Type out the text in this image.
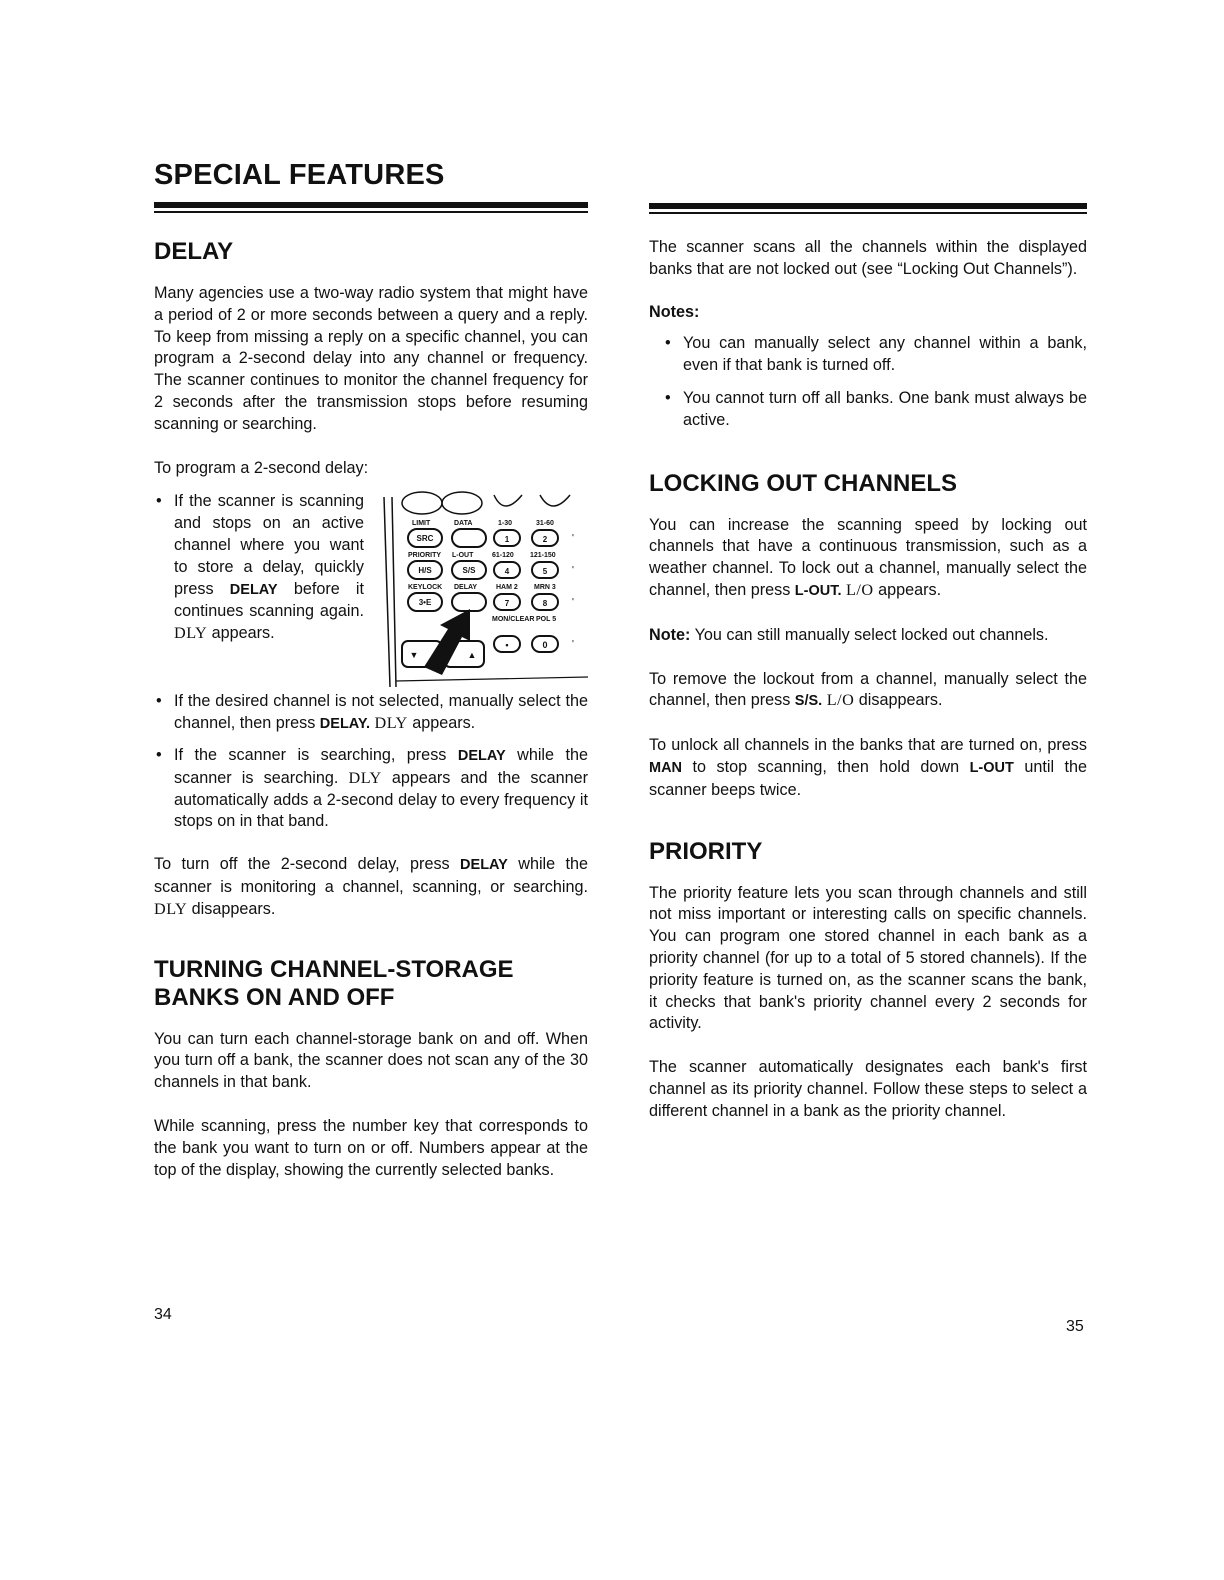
SPECIAL FEATURES
DELAY

Many agencies use a two-way radio system that might have a period of 2 or more seconds between a query and a reply. To keep from missing a reply on a specific channel, you can program a 2-second delay into any channel or frequency. The scanner continues to monitor the channel frequency for 2 seconds after the transmission stops before resuming scanning or searching.

To program a 2-second delay:

• If the scanner is scanning and stops on an active channel where you want to store a delay, quickly press DELAY before it continues scanning again. DLY appears.
LIMIT	DATA	1-30	31-60
SRC	1	2
PRIORITY L-OUT	61-120 121-150
H/S	S/S	4	5
KEYLOCK DELAY	HAM 2 MRN 3
3•E	7	8
MON/CLEAR POL 5
▼	▲
•	0
'
'
'
'
• If the desired channel is not selected, manually select the channel, then press DELAY. DLY appears.
• If the scanner is searching, press DELAY while the scanner is searching. DLY appears and the scanner automatically adds a 2-second delay to every frequency it stops on in that band.

To turn off the 2-second delay, press DELAY while the scanner is monitoring a channel, scanning, or searching. DLY disappears.

TURNING CHANNEL-STORAGE
BANKS ON AND OFF

You can turn each channel-storage bank on and off. When you turn off a bank, the scanner does not scan any of the 30 channels in that bank.

While scanning, press the number key that corresponds to the bank you want to turn on or off. Numbers appear at the top of the display, showing the currently selected banks.

34

The scanner scans all the channels within the displayed banks that are not locked out (see “Locking Out Channels”).

Notes:

• You can manually select any channel within a bank, even if that bank is turned off.
• You cannot turn off all banks. One bank must always be active.
LOCKING OUT CHANNELS

You can increase the scanning speed by locking out channels that have a continuous transmission, such as a weather channel. To lock out a channel, manually select the channel, then press L-OUT. L/O appears.

Note: You can still manually select locked out channels.

To remove the lockout from a channel, manually select the channel, then press S/S. L/O disappears.

To unlock all channels in the banks that are turned on, press MAN to stop scanning, then hold down L-OUT until the scanner beeps twice.

PRIORITY

The priority feature lets you scan through channels and still not miss important or interesting calls on specific channels. You can program one stored channel in each bank as a priority channel (for up to a total of 5 stored channels). If the priority feature is turned on, as the scanner scans the bank, it checks that bank's priority channel every 2 seconds for activity.

The scanner automatically designates each bank's first channel as its priority channel. Follow these steps to select a different channel in a bank as the priority channel.

35
